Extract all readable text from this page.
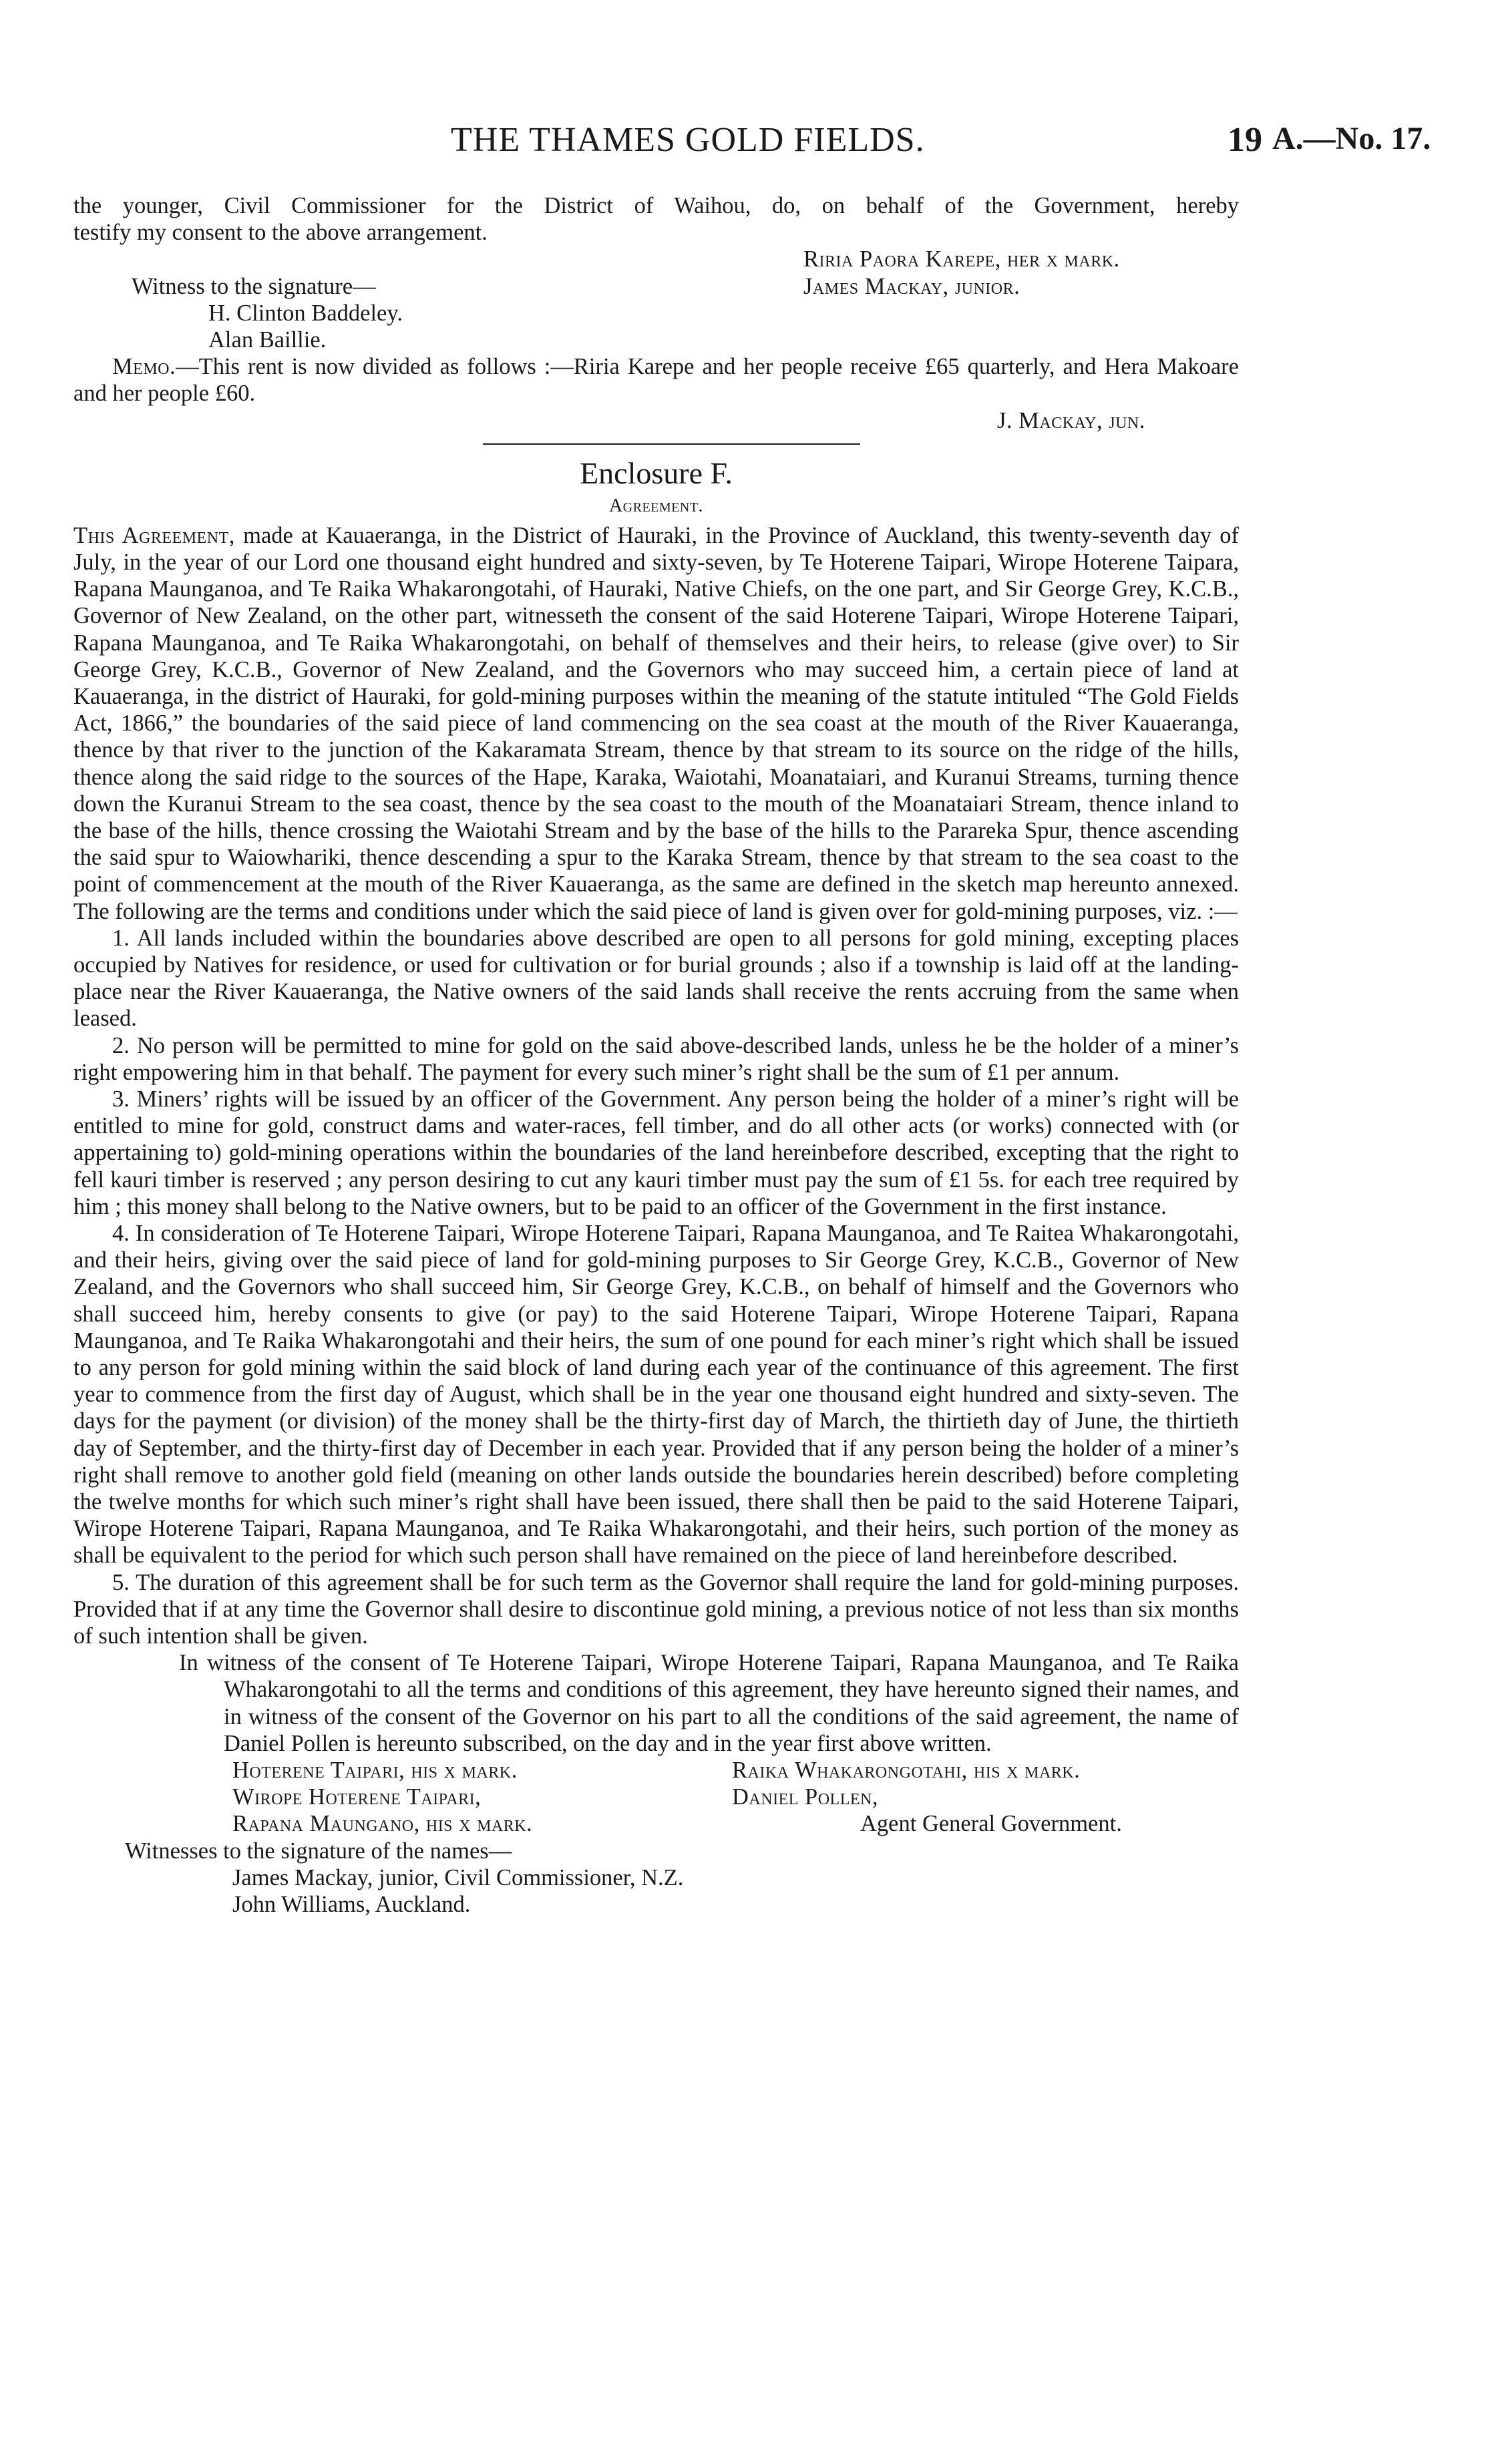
THE THAMES GOLD FIELDS.	19 A.—No. 17.

the younger, Civil Commissioner for the District of Waihou, do, on behalf of the Government, hereby

testify my consent to the above arrangement.

Riria Paora Karepe, her x mark.
Witness to the signature—	James Mackay, junior.
H. Clinton Baddeley.
Alan Baillie.

Memo.—This rent is now divided as follows :—Riria Karepe and her people receive £65 quarterly, and Hera Makoare and her people £60.

J. Mackay, jun.
Enclosure F.
Agreement.

This Agreement, made at Kauaeranga, in the District of Hauraki, in the Province of Auckland, this twenty-seventh day of July, in the year of our Lord one thousand eight hundred and sixty-seven, by Te Hoterene Taipari, Wirope Hoterene Taipara, Rapana Maunganoa, and Te Raika Whakarongotahi, of Hauraki, Native Chiefs, on the one part, and Sir George Grey, K.C.B., Governor of New Zealand, on the other part, witnesseth the consent of the said Hoterene Taipari, Wirope Hoterene Taipari, Rapana Maunganoa, and Te Raika Whakarongotahi, on behalf of themselves and their heirs, to release (give over) to Sir George Grey, K.C.B., Governor of New Zealand, and the Governors who may succeed him, a certain piece of land at Kauaeranga, in the district of Hauraki, for gold-mining purposes within the meaning of the statute intituled “The Gold Fields Act, 1866,” the boundaries of the said piece of land commencing on the sea coast at the mouth of the River Kauaeranga, thence by that river to the junction of the Kakaramata Stream, thence by that stream to its source on the ridge of the hills, thence along the said ridge to the sources of the Hape, Karaka, Waiotahi, Moanataiari, and Kuranui Streams, turning thence down the Kuranui Stream to the sea coast, thence by the sea coast to the mouth of the Moanataiari Stream, thence inland to the base of the hills, thence crossing the Waiotahi Stream and by the base of the hills to the Parareka Spur, thence ascending the said spur to Waiowhariki, thence descending a spur to the Karaka Stream, thence by that stream to the sea coast to the point of commencement at the mouth of the River Kauaeranga, as the same are defined in the sketch map hereunto annexed. The following are the terms and conditions under which the said piece of land is given over for gold-mining purposes, viz. :—

1. All lands included within the boundaries above described are open to all persons for gold mining, excepting places occupied by Natives for residence, or used for cultivation or for burial grounds ; also if a township is laid off at the landing-place near the River Kauaeranga, the Native owners of the said lands shall receive the rents accruing from the same when leased.

2. No person will be permitted to mine for gold on the said above-described lands, unless he be the holder of a miner’s right empowering him in that behalf. The payment for every such miner’s right shall be the sum of £1 per annum.

3. Miners’ rights will be issued by an officer of the Government. Any person being the holder of a miner’s right will be entitled to mine for gold, construct dams and water-races, fell timber, and do all other acts (or works) connected with (or appertaining to) gold-mining operations within the boundaries of the land hereinbefore described, excepting that the right to fell kauri timber is reserved ; any person desiring to cut any kauri timber must pay the sum of £1 5s. for each tree required by him ; this money shall belong to the Native owners, but to be paid to an officer of the Government in the first instance.

4. In consideration of Te Hoterene Taipari, Wirope Hoterene Taipari, Rapana Maunganoa, and Te Raitea Whakarongotahi, and their heirs, giving over the said piece of land for gold-mining purposes to Sir George Grey, K.C.B., Governor of New Zealand, and the Governors who shall succeed him, Sir George Grey, K.C.B., on behalf of himself and the Governors who shall succeed him, hereby consents to give (or pay) to the said Hoterene Taipari, Wirope Hoterene Taipari, Rapana Maunganoa, and Te Raika Whakarongotahi and their heirs, the sum of one pound for each miner’s right which shall be issued to any person for gold mining within the said block of land during each year of the continuance of this agreement. The first year to commence from the first day of August, which shall be in the year one thousand eight hundred and sixty-seven. The days for the payment (or division) of the money shall be the thirty-first day of March, the thirtieth day of June, the thirtieth day of September, and the thirty-first day of December in each year. Provided that if any person being the holder of a miner’s right shall remove to another gold field (meaning on other lands outside the boundaries herein described) before completing the twelve months for which such miner’s right shall have been issued, there shall then be paid to the said Hoterene Taipari, Wirope Hoterene Taipari, Rapana Maunganoa, and Te Raika Whakarongotahi, and their heirs, such portion of the money as shall be equivalent to the period for which such person shall have remained on the piece of land hereinbefore described.

5. The duration of this agreement shall be for such term as the Governor shall require the land for gold-mining purposes. Provided that if at any time the Governor shall desire to discontinue gold mining, a previous notice of not less than six months of such intention shall be given.

In witness of the consent of Te Hoterene Taipari, Wirope Hoterene Taipari, Rapana Maunganoa, and Te Raika Whakarongotahi to all the terms and conditions of this agreement, they have hereunto signed their names, and in witness of the consent of the Governor on his part to all the conditions of the said agreement, the name of Daniel Pollen is hereunto subscribed, on the day and in the year first above written.

Hoterene Taipari, his x mark.	Raika Whakarongotahi, his x mark.
Wirope Hoterene Taipari,	Daniel Pollen,
Rapana Maungano, his x mark.	Agent General Government.
Witnesses to the signature of the names—
James Mackay, junior, Civil Commissioner, N.Z.
John Williams, Auckland.
